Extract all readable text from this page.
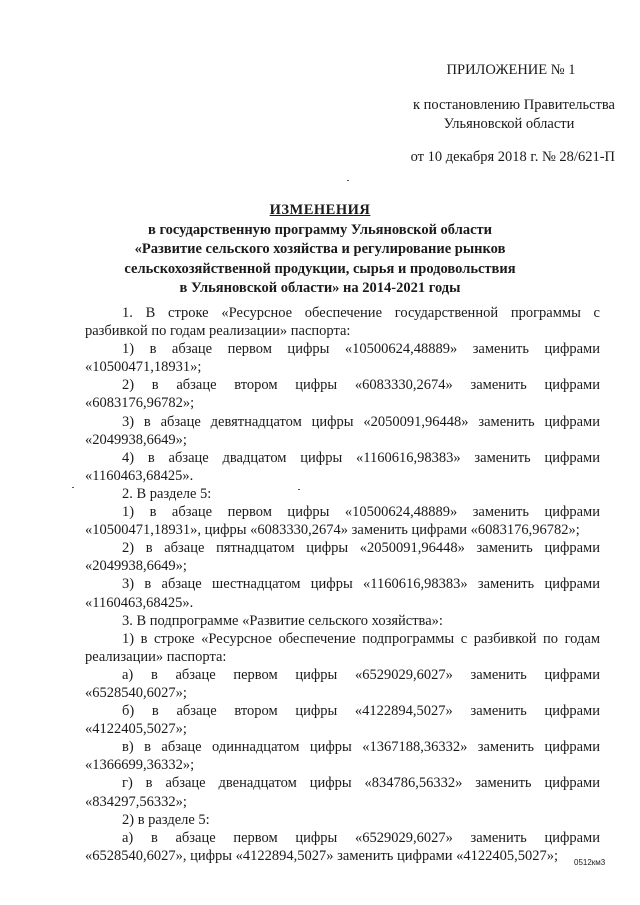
ПРИЛОЖЕНИЕ № 1
к постановлению Правительства
Ульяновской области
от 10 декабря 2018 г. № 28/621-П
ИЗМЕНЕНИЯ
в государственную программу Ульяновской области
«Развитие сельского хозяйства и регулирование рынков
сельскохозяйственной продукции, сырья и продовольствия
в Ульяновской области» на 2014-2021 годы
1. В строке «Ресурсное обеспечение государственной программы с разбивкой по годам реализации» паспорта:
1) в абзаце первом цифры «10500624,48889» заменить цифрами «10500471,18931»;
2) в абзаце втором цифры «6083330,2674» заменить цифрами «6083176,96782»;
3) в абзаце девятнадцатом цифры «2050091,96448» заменить цифрами «2049938,6649»;
4) в абзаце двадцатом цифры «1160616,98383» заменить цифрами «1160463,68425».
2. В разделе 5:
1) в абзаце первом цифры «10500624,48889» заменить цифрами «10500471,18931», цифры «6083330,2674» заменить цифрами «6083176,96782»;
2) в абзаце пятнадцатом цифры «2050091,96448» заменить цифрами «2049938,6649»;
3) в абзаце шестнадцатом цифры «1160616,98383» заменить цифрами «1160463,68425».
3. В подпрограмме «Развитие сельского хозяйства»:
1) в строке «Ресурсное обеспечение подпрограммы с разбивкой по годам реализации» паспорта:
а) в абзаце первом цифры «6529029,6027» заменить цифрами «6528540,6027»;
б) в абзаце втором цифры «4122894,5027» заменить цифрами «4122405,5027»;
в) в абзаце одиннадцатом цифры «1367188,36332» заменить цифрами «1366699,36332»;
г) в абзаце двенадцатом цифры «834786,56332» заменить цифрами «834297,56332»;
2) в разделе 5:
а) в абзаце первом цифры «6529029,6027» заменить цифрами «6528540,6027», цифры «4122894,5027» заменить цифрами «4122405,5027»;	0512км3
